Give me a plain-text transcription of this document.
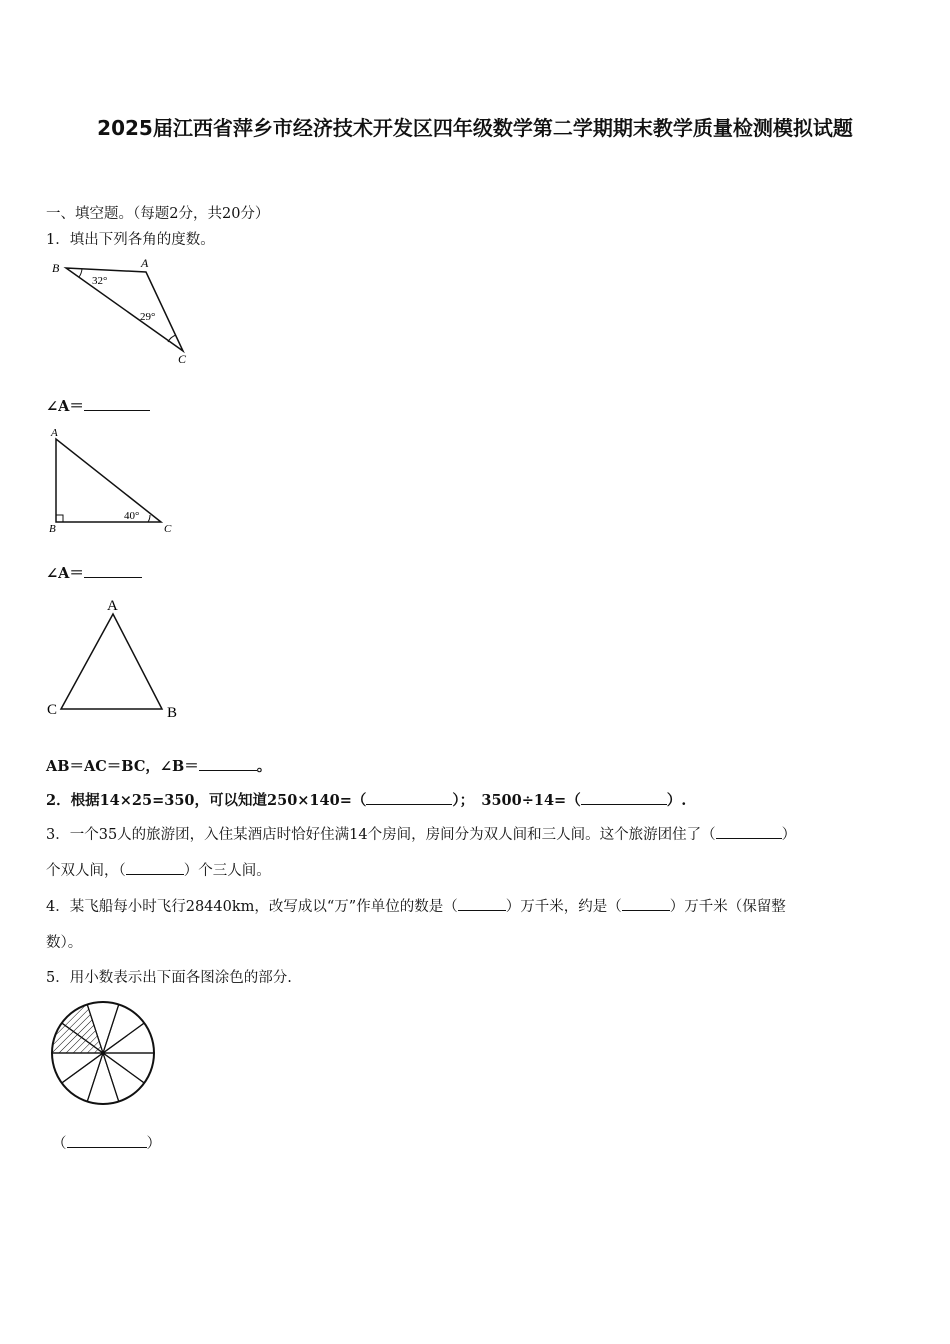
2025届江西省萍乡市经济技术开发区四年级数学第二学期期末教学质量检测模拟试题
一、填空题。（每题2分，共20分）
1．填出下列各角的度数。
B	A
C
32°
29°
∠A＝
A
B	C
40°
∠A＝
A
C	B
AB＝AC＝BC，∠B＝	。
2．根据14×25=350，可以知道250×140=（	）；　3500÷14=（	）.
3．一个35人的旅游团，入住某酒店时恰好住满14个房间，房间分为双人间和三人间。这个旅游团住了（	）
个双人间，（	）个三人间。
4．某飞船每小时飞行28440km，改写成以“万”作单位的数是（	）万千米，约是（	）万千米（保留整
数）。
5．用小数表示出下面各图涂色的部分.
（	）
